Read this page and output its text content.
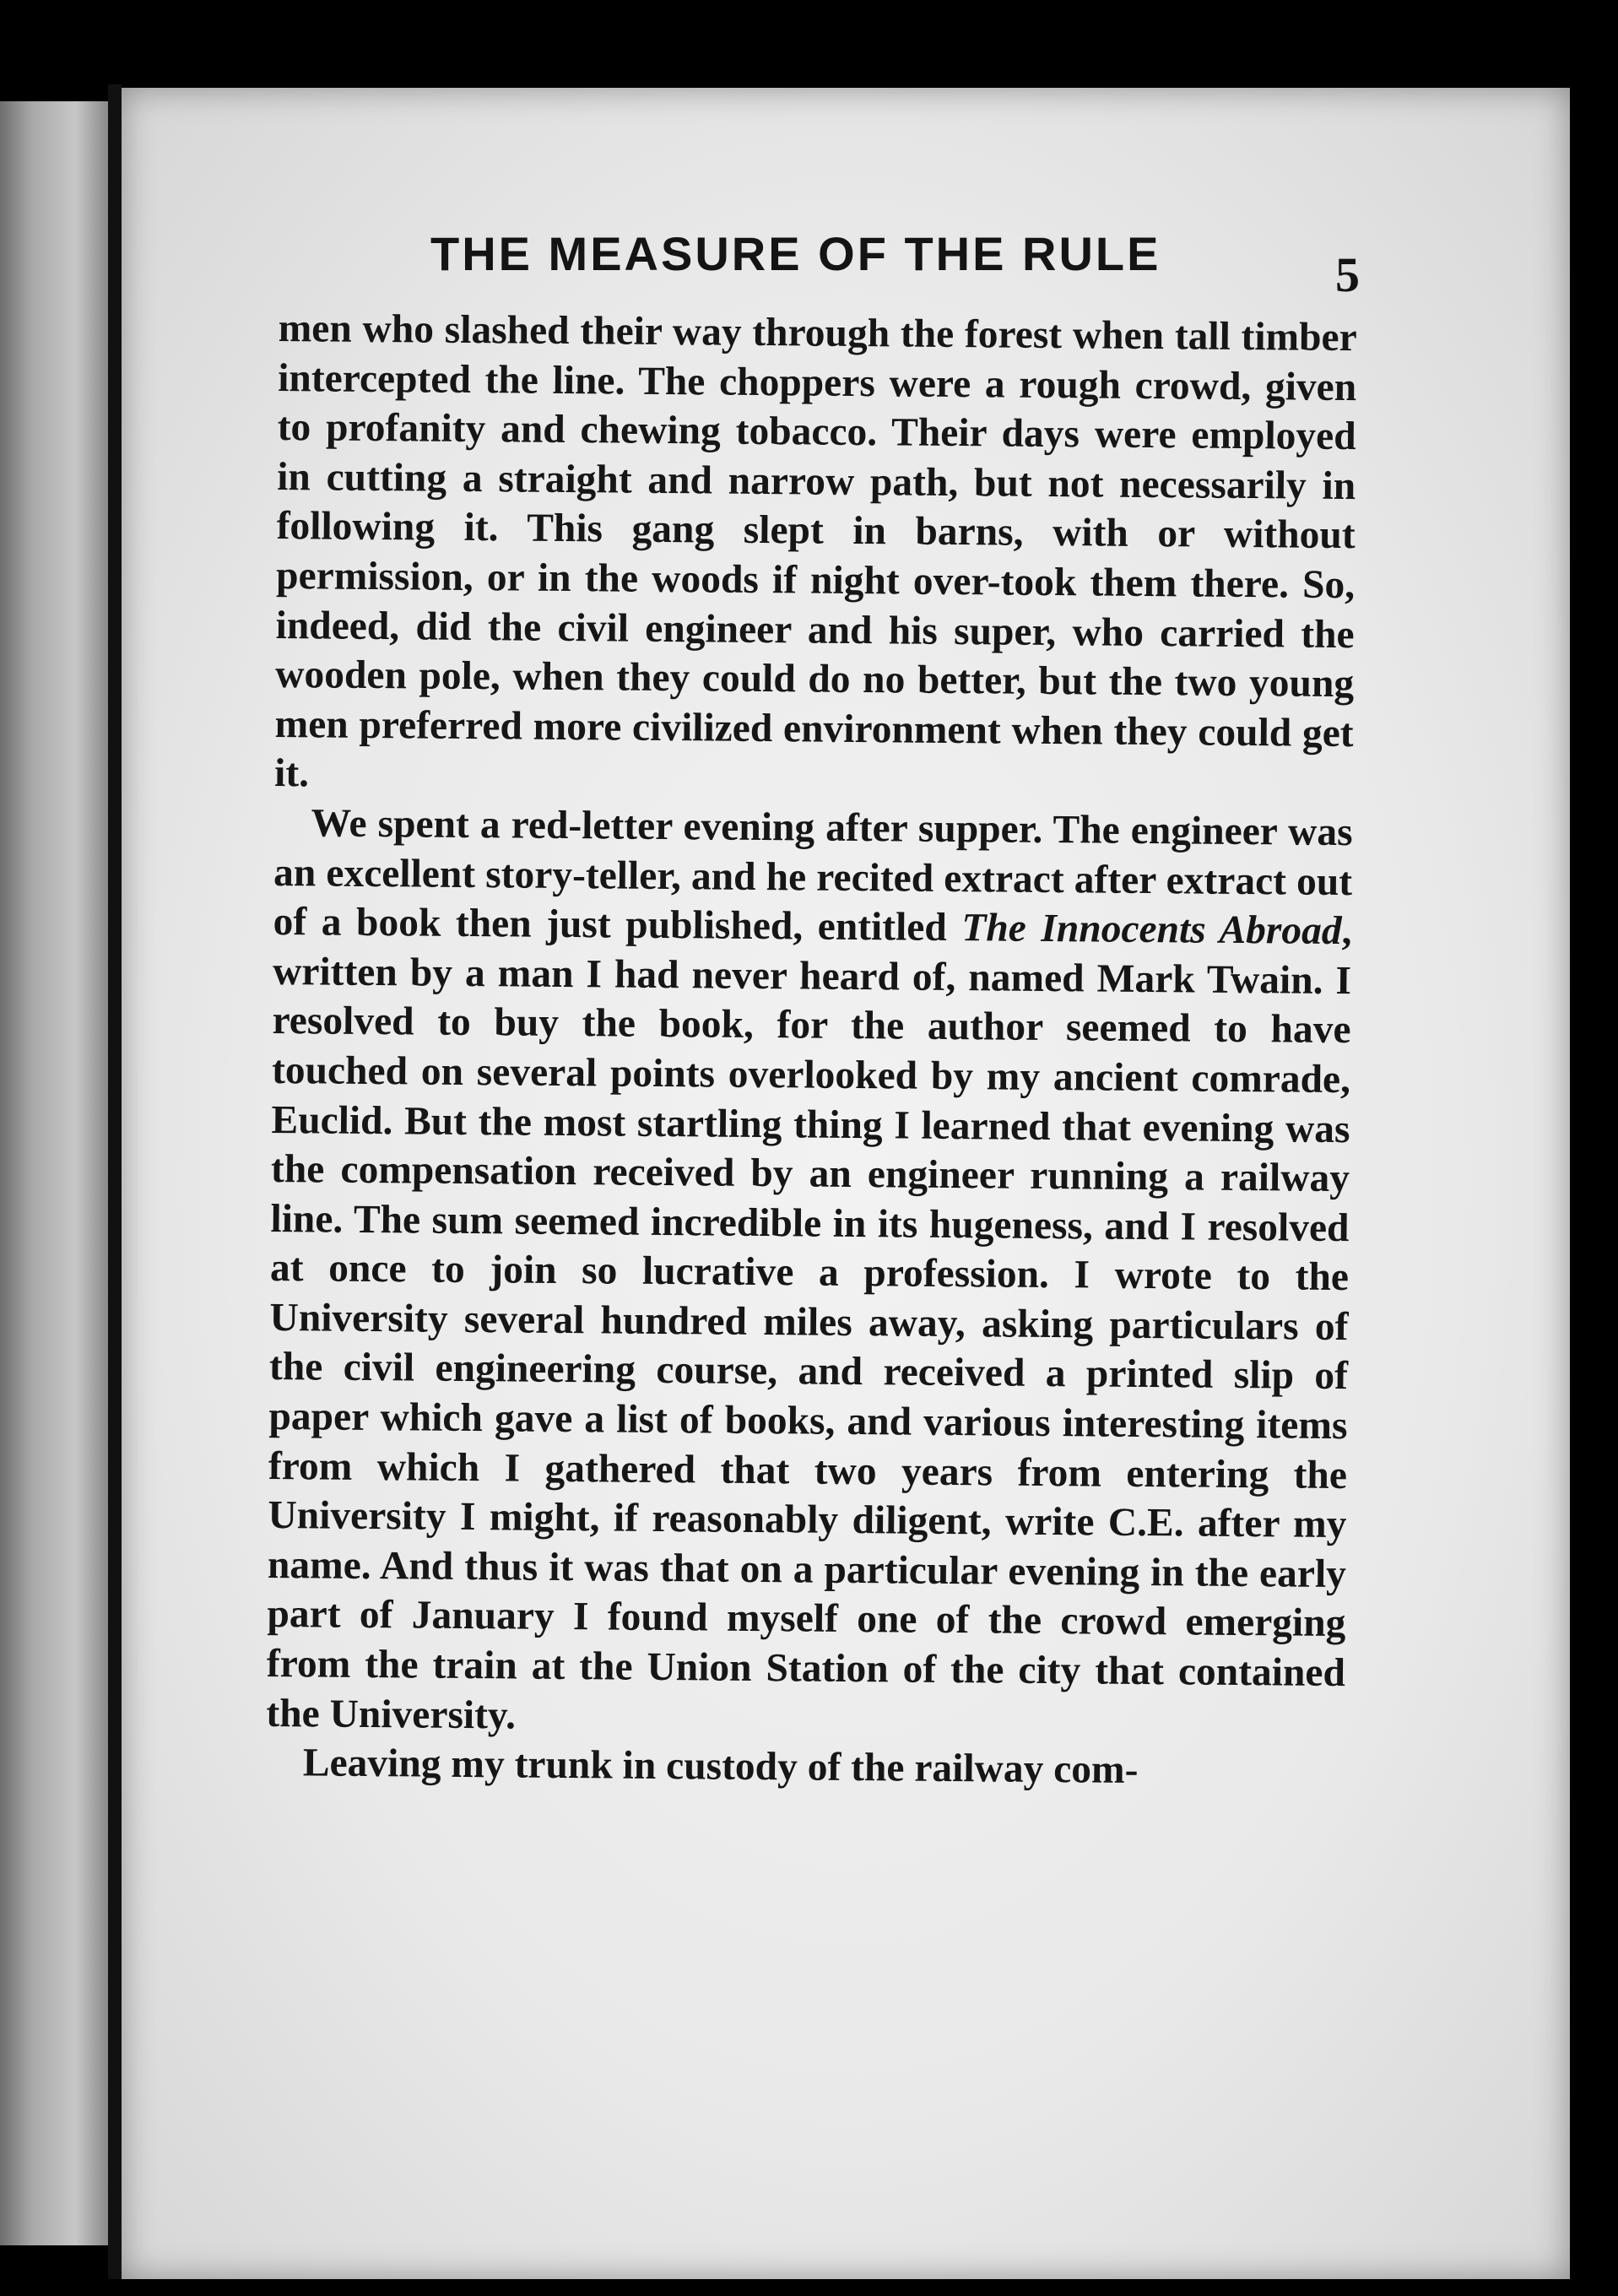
THE MEASURE OF THE RULE	5

men who slashed their way through the forest when tall timber intercepted the line. The choppers were a rough crowd, given to profanity and chewing tobacco. Their days were employed in cutting a straight and narrow path, but not necessarily in following it. This gang slept in barns, with or without permission, or in the woods if night over-took them there. So, indeed, did the civil engineer and his super, who carried the wooden pole, when they could do no better, but the two young men preferred more civilized environment when they could get it.

We spent a red-letter evening after supper. The engineer was an excellent story-teller, and he recited extract after extract out of a book then just published, entitled The Innocents Abroad, written by a man I had never heard of, named Mark Twain. I resolved to buy the book, for the author seemed to have touched on several points overlooked by my ancient comrade, Euclid. But the most startling thing I learned that evening was the compensation received by an engineer running a railway line. The sum seemed incredible in its hugeness, and I resolved at once to join so lucrative a profession. I wrote to the University several hundred miles away, asking particulars of the civil engineering course, and received a printed slip of paper which gave a list of books, and various interesting items from which I gathered that two years from entering the University I might, if reasonably diligent, write C.E. after my name. And thus it was that on a particular evening in the early part of January I found myself one of the crowd emerging from the train at the Union Station of the city that contained the University.

Leaving my trunk in custody of the railway com-
